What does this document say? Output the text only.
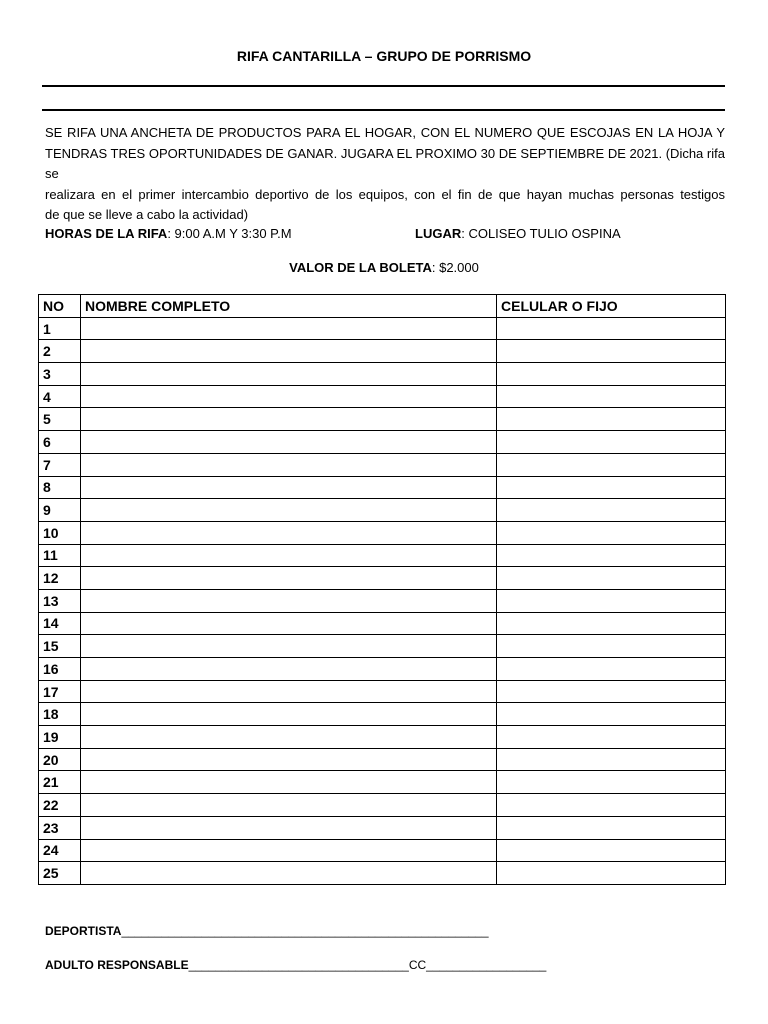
RIFA CANTARILLA – GRUPO DE PORRISMO
SE RIFA UNA ANCHETA DE PRODUCTOS PARA EL HOGAR, CON EL NUMERO QUE ESCOJAS EN LA HOJA Y
TENDRAS TRES OPORTUNIDADES DE GANAR. JUGARA EL PROXIMO 30 DE SEPTIEMBRE DE 2021. (Dicha rifa se
realizara en el primer intercambio deportivo de los equipos, con el fin de que hayan muchas personas testigos
de que se lleve a cabo la actividad)
HORAS DE LA RIFA: 9:00 A.M Y 3:30 P.M	LUGAR: COLISEO TULIO OSPINA
VALOR DE LA BOLETA: $2.000
NO	NOMBRE COMPLETO	CELULAR O FIJO
1		
2		
3		
4		
5		
6		
7		
8		
9		
10		
11		
12		
13		
14		
15		
16		
17		
18		
19		
20		
21		
22		
23		
24		
25		
DEPORTISTA_______________________________________________________
ADULTO RESPONSABLE_________________________________CC__________________
